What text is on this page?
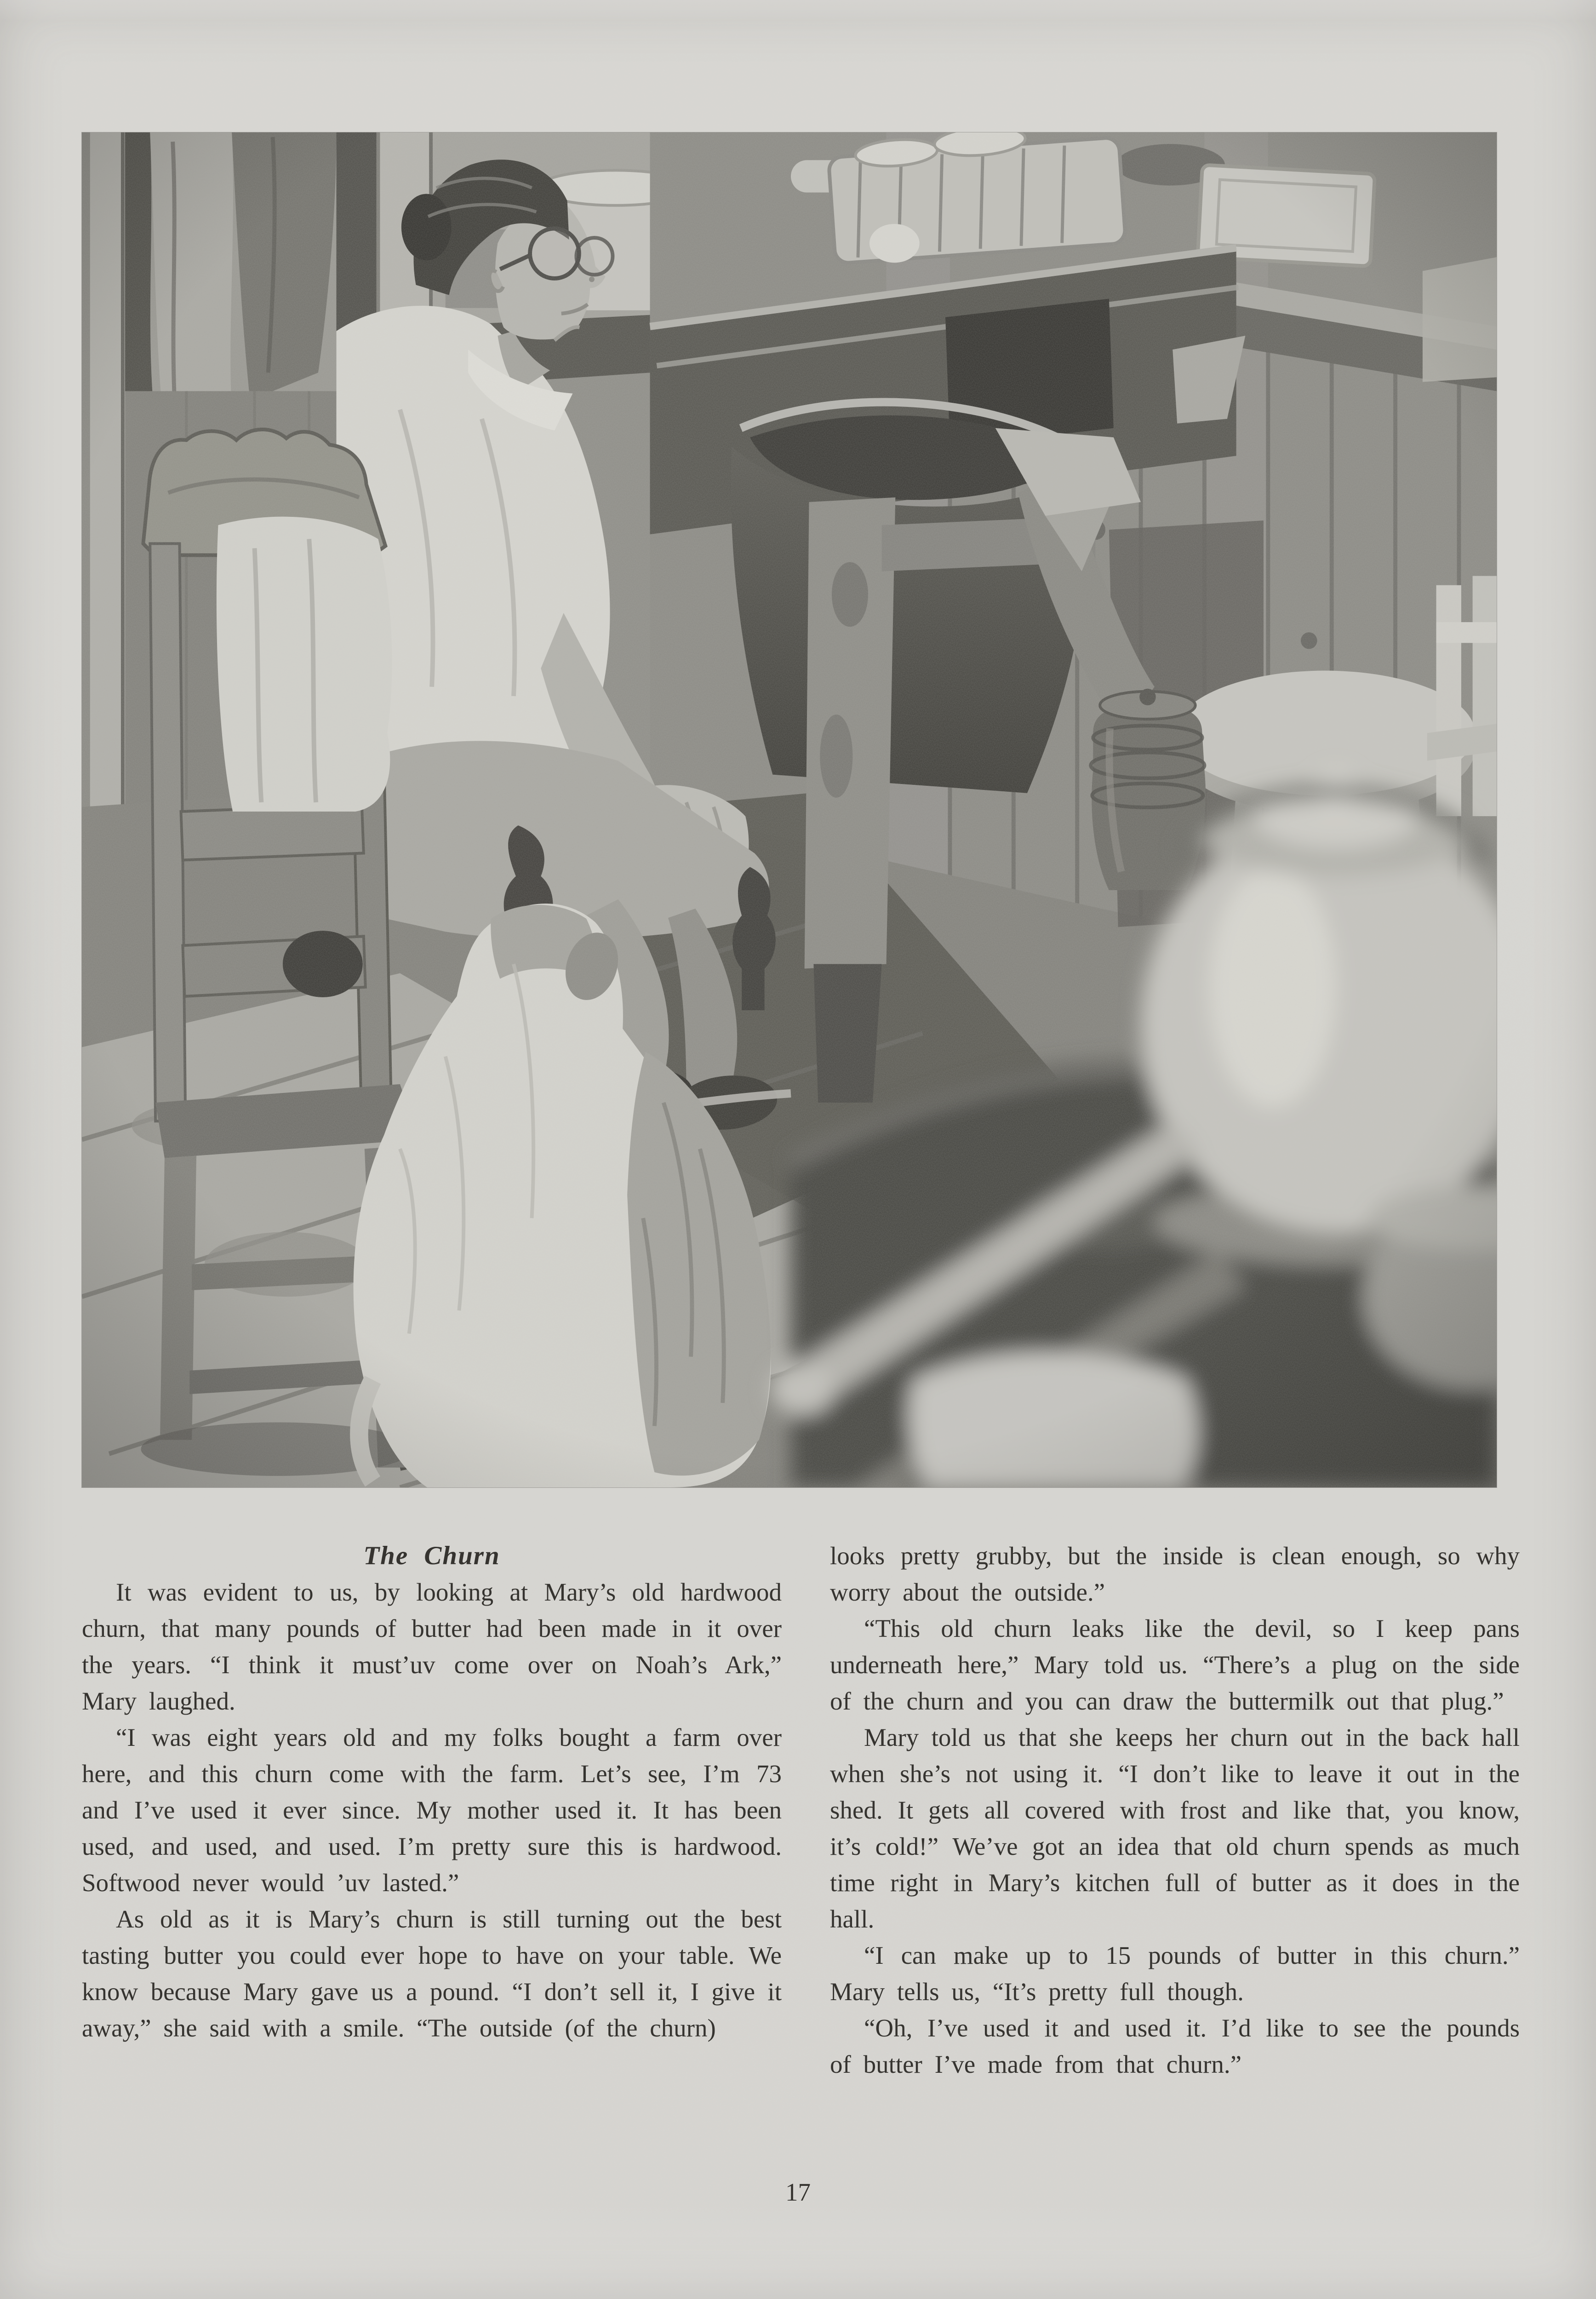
The Churn

It was evident to us, by looking at Mary’s old hardwood churn, that many pounds of butter had been made in it over the years. “I think it must’uv come over on Noah’s Ark,” Mary laughed.

“I was eight years old and my folks bought a farm over here, and this churn come with the farm. Let’s see, I’m 73 and I’ve used it ever since. My mother used it. It has been used, and used, and used. I’m pretty sure this is hardwood. Softwood never would ’uv lasted.”

As old as it is Mary’s churn is still turning out the best tasting butter you could ever hope to have on your table. We know because Mary gave us a pound. “I don’t sell it, I give it away,” she said with a smile. “The outside (of the churn)

looks pretty grubby, but the inside is clean enough, so why worry about the outside.”

“This old churn leaks like the devil, so I keep pans underneath here,” Mary told us. “There’s a plug on the side of the churn and you can draw the buttermilk out that plug.”

Mary told us that she keeps her churn out in the back hall when she’s not using it. “I don’t like to leave it out in the shed. It gets all covered with frost and like that, you know, it’s cold!” We’ve got an idea that old churn spends as much time right in Mary’s kitchen full of butter as it does in the hall.

“I can make up to 15 pounds of butter in this churn.” Mary tells us, “It’s pretty full though.

“Oh, I’ve used it and used it. I’d like to see the pounds of butter I’ve made from that churn.”

17
